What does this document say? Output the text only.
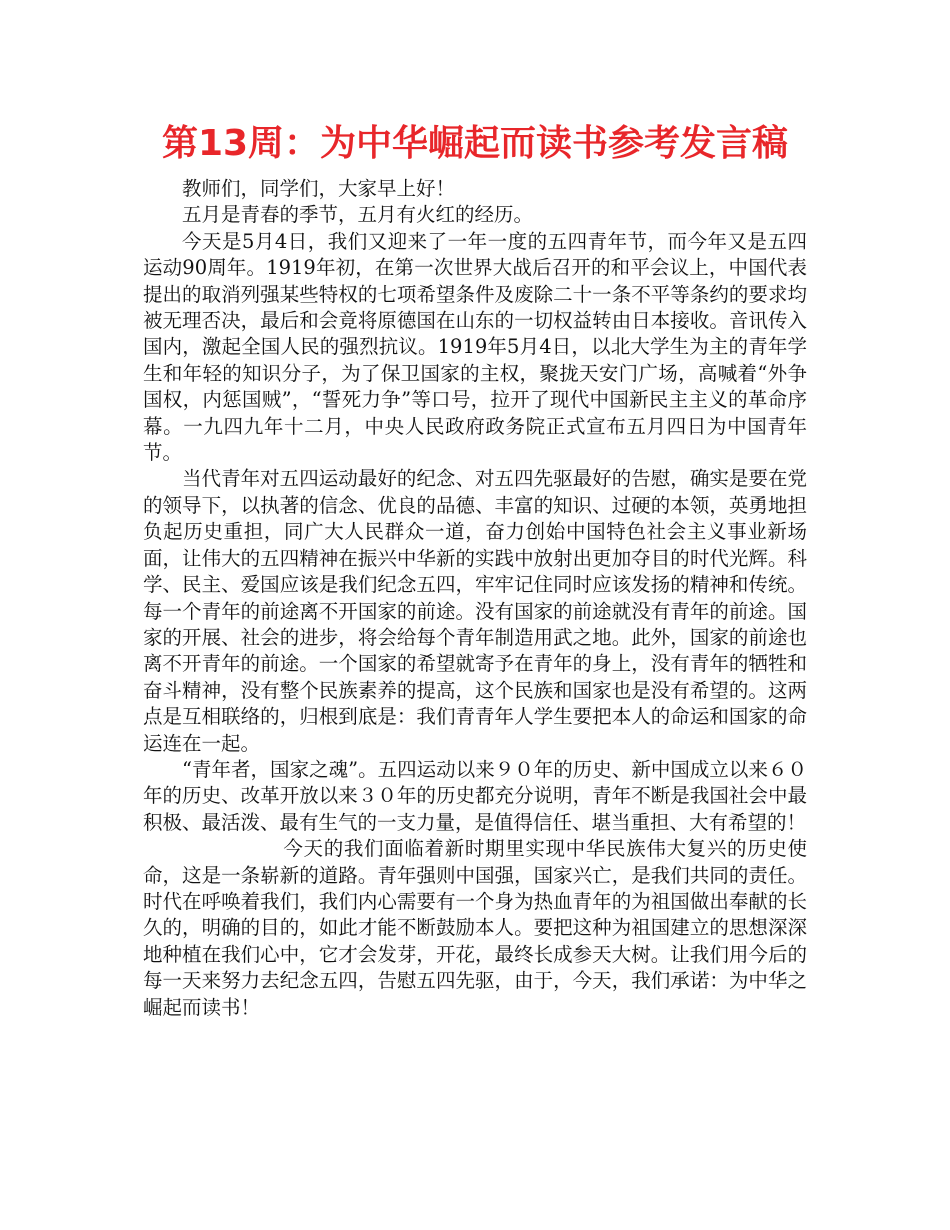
第13周：为中华崛起而读书参考发言稿

教师们，同学们，大家早上好！

五月是青春的季节，五月有火红的经历。

今天是5月4日，我们又迎来了一年一度的五四青年节，而今年又是五四运动90周年。1919年初，在第一次世界大战后召开的和平会议上，中国代表提出的取消列强某些特权的七项希望条件及废除二十一条不平等条约的要求均被无理否决，最后和会竟将原德国在山东的一切权益转由日本接收。音讯传入国内，激起全国人民的强烈抗议。1919年5月4日，以北大学生为主的青年学生和年轻的知识分子，为了保卫国家的主权，聚拢天安门广场，高喊着“外争国权，内惩国贼”，“誓死力争”等口号，拉开了现代中国新民主主义的革命序幕。一九四九年十二月，中央人民政府政务院正式宣布五月四日为中国青年节。

当代青年对五四运动最好的纪念、对五四先驱最好的告慰，确实是要在党的领导下，以执著的信念、优良的品德、丰富的知识、过硬的本领，英勇地担负起历史重担，同广大人民群众一道，奋力创始中国特色社会主义事业新场面，让伟大的五四精神在振兴中华新的实践中放射出更加夺目的时代光辉。科学、民主、爱国应该是我们纪念五四，牢牢记住同时应该发扬的精神和传统。每一个青年的前途离不开国家的前途。没有国家的前途就没有青年的前途。国家的开展、社会的进步，将会给每个青年制造用武之地。此外，国家的前途也离不开青年的前途。一个国家的希望就寄予在青年的身上，没有青年的牺牲和奋斗精神，没有整个民族素养的提高，这个民族和国家也是没有希望的。这两点是互相联络的，归根到底是：我们青青年人学生要把本人的命运和国家的命运连在一起。

“青年者，国家之魂”。五四运动以来９０年的历史、新中国成立以来６０年的历史、改革开放以来３０年的历史都充分说明，青年不断是我国社会中最积极、最活泼、最有生气的一支力量，是值得信任、堪当重担、大有希望的！

今天的我们面临着新时期里实现中华民族伟大复兴的历史使命，这是一条崭新的道路。青年强则中国强，国家兴亡，是我们共同的责任。时代在呼唤着我们，我们内心需要有一个身为热血青年的为祖国做出奉献的长久的，明确的目的，如此才能不断鼓励本人。要把这种为祖国建立的思想深深地种植在我们心中，它才会发芽，开花，最终长成参天大树。让我们用今后的每一天来努力去纪念五四，告慰五四先驱，由于，今天，我们承诺：为中华之崛起而读书！
